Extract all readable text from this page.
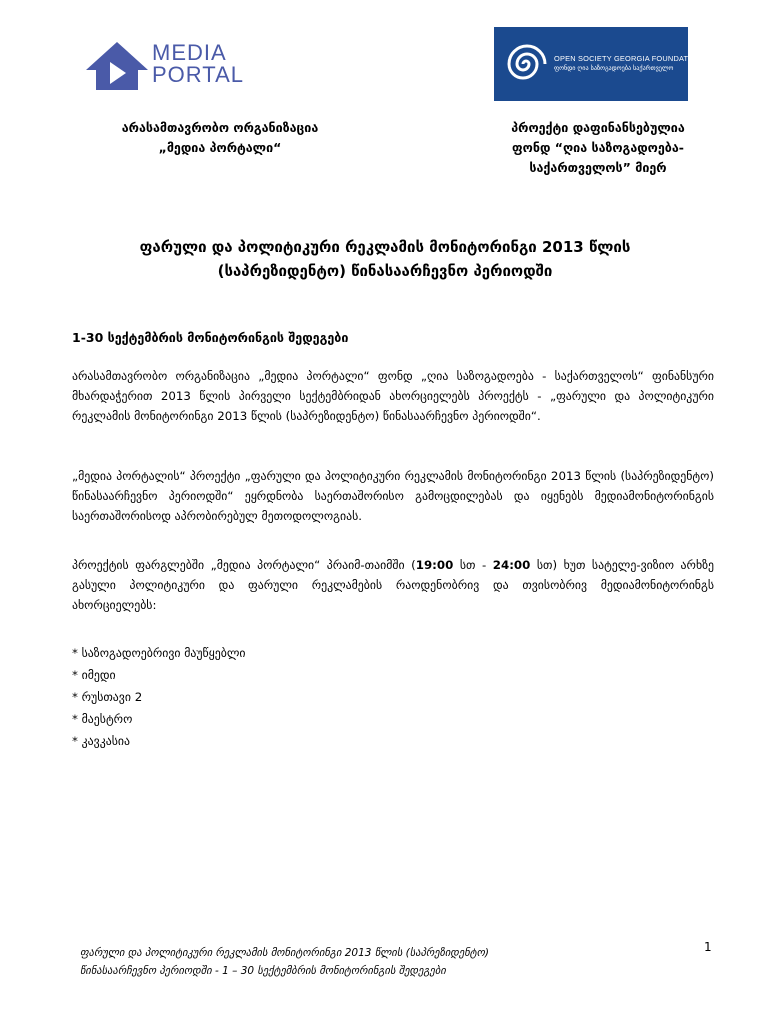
MEDIA
PORTAL
OPEN SOCIETY GEORGIA FOUNDATION
ფონდი ღია საზოგადოება საქართველო
არასამთავრობო ორგანიზაცია
„მედია პორტალი“
პროექტი დაფინანსებულია
ფონდ “ღია საზოგადოება-
საქართველოს” მიერ
ფარული და პოლიტიკური რეკლამის მონიტორინგი 2013 წლის
(საპრეზიდენტო) წინასაარჩევნო პერიოდში
1-30 სექტემბრის მონიტორინგის შედეგები
არასამთავრობო ორგანიზაცია „მედია პორტალი“ ფონდ „ღია საზოგადოება - საქართველოს“ ფინანსური მხარდაჭერით 2013 წლის პირველი სექტემბრიდან ახორციელებს პროექტს - „ფარული და პოლიტიკური რეკლამის მონიტორინგი 2013 წლის (საპრეზიდენტო) წინასაარჩევნო პერიოდში“.
„მედია პორტალის“ პროექტი „ფარული და პოლიტიკური რეკლამის მონიტორინგი 2013 წლის (საპრეზიდენტო) წინასაარჩევნო პერიოდში“ ეყრდნობა საერთაშორისო გამოცდილებას და იყენებს მედიამონიტორინგის საერთაშორისოდ აპრობირებულ მეთოდოლოგიას.
პროექტის ფარგლებში „მედია პორტალი“ პრაიმ-თაიმში (19:00 სთ - 24:00 სთ) ხუთ სატელე-ვიზიო არხზე გასული პოლიტიკური და ფარული რეკლამების რაოდენობრივ და თვისობრივ მედიამონიტორინგს ახორციელებს:
* საზოგადოებრივი მაუწყებლი
* იმედი
* რუსთავი 2
* მაესტრო
* კავკასია
1
ფარული და პოლიტიკური რეკლამის მონიტორინგი 2013 წლის (საპრეზიდენტო)
წინასაარჩევნო პერიოდში - 1 – 30 სექტემბრის მონიტორინგის შედეგები
